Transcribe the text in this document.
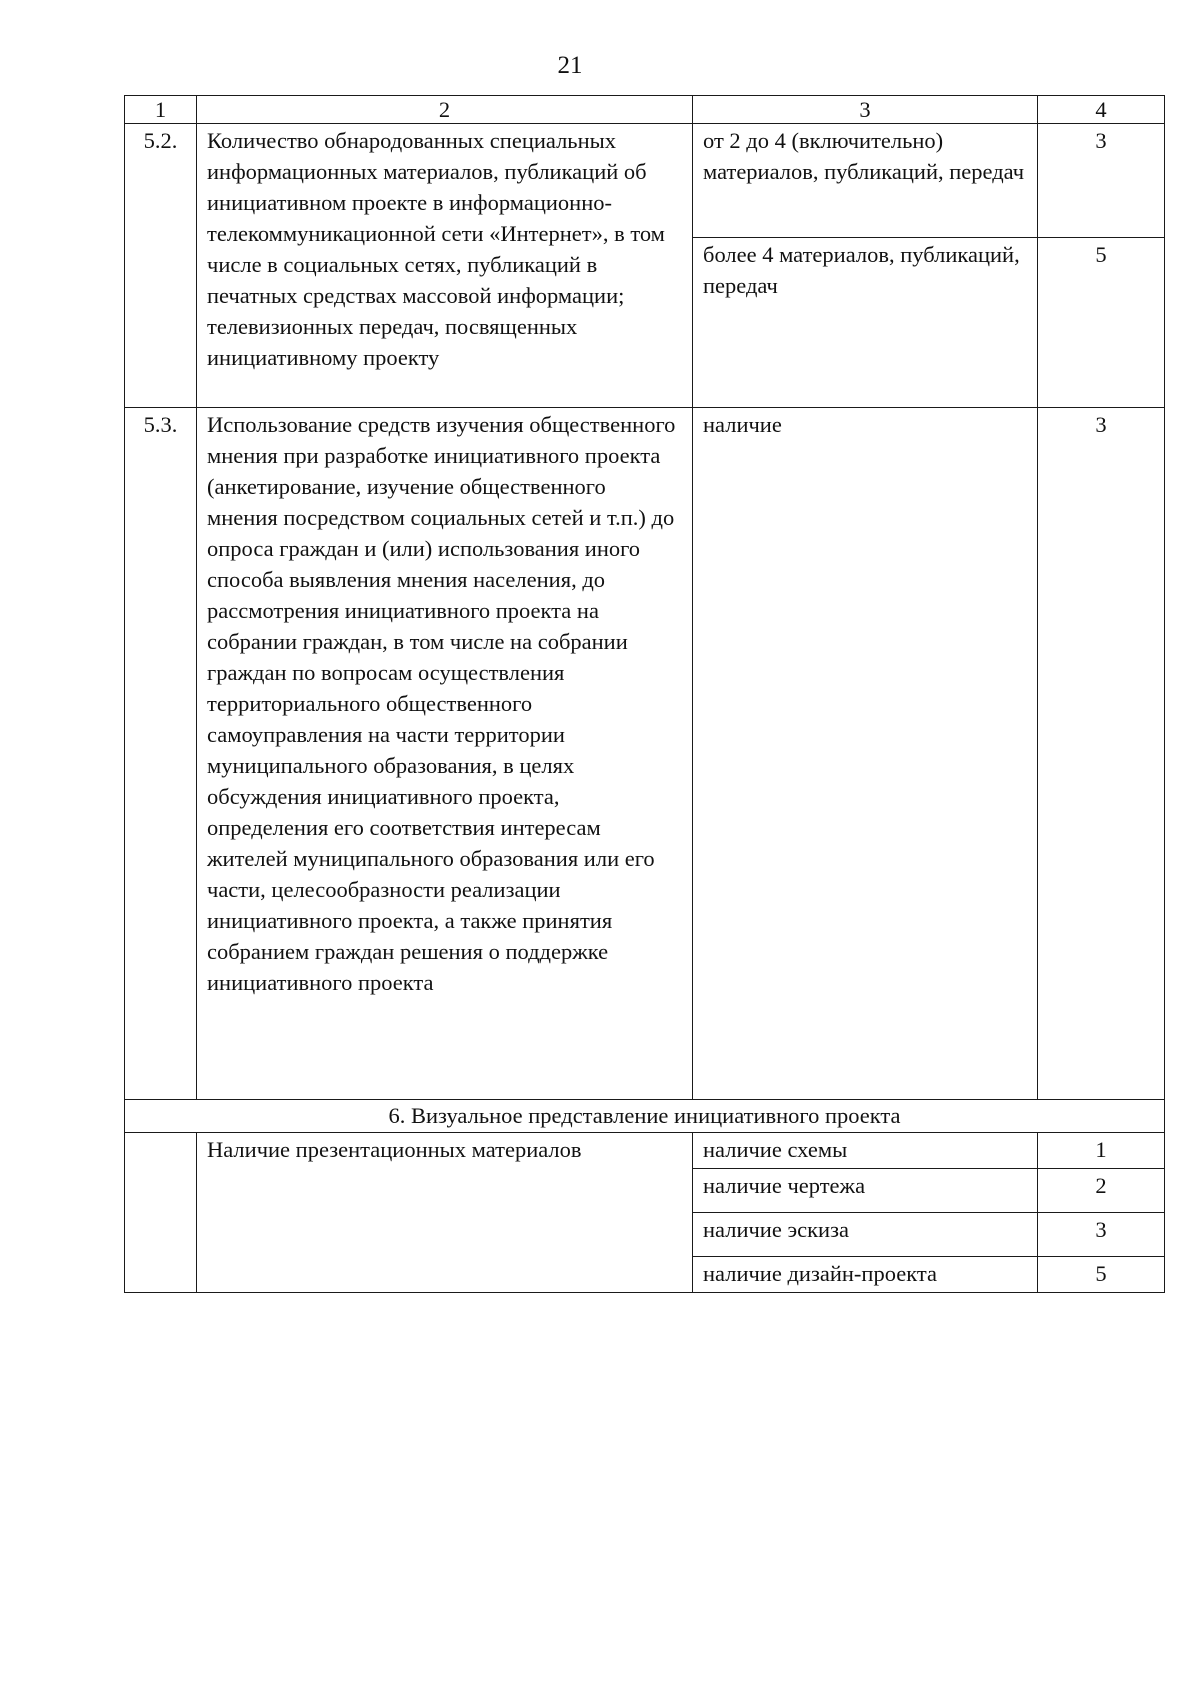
21
1	2	3	4
5.2.	Количество обнародованных специальных информационных материалов, публикаций об инициативном проекте в информационно-телекоммуникационной сети «Интернет», в том числе в социальных сетях, публикаций в печатных средствах массовой информации; телевизионных передач, посвященных инициативному проекту	от 2 до 4 (включительно) материалов, публикаций, передач	3
		более 4 материалов, публикаций, передач	5
5.3.	Использование средств изучения общественного мнения при разработке инициативного проекта (анкетирование, изучение общественного мнения посредством социальных сетей и т.п.) до опроса граждан и (или) использования иного способа выявления мнения населения, до рассмотрения инициативного проекта на собрании граждан, в том числе на собрании граждан по вопросам осуществления территориального общественного самоуправления на части территории муниципального образования, в целях обсуждения инициативного проекта, определения его соответствия интересам жителей муниципального образования или его части, целесообразности реализации инициативного проекта, а также принятия собранием граждан решения о поддержке инициативного проекта	наличие	3
6. Визуальное представление инициативного проекта			
	Наличие презентационных материалов	наличие схемы	1
		наличие чертежа	2
		наличие эскиза	3
		наличие дизайн-проекта	5
